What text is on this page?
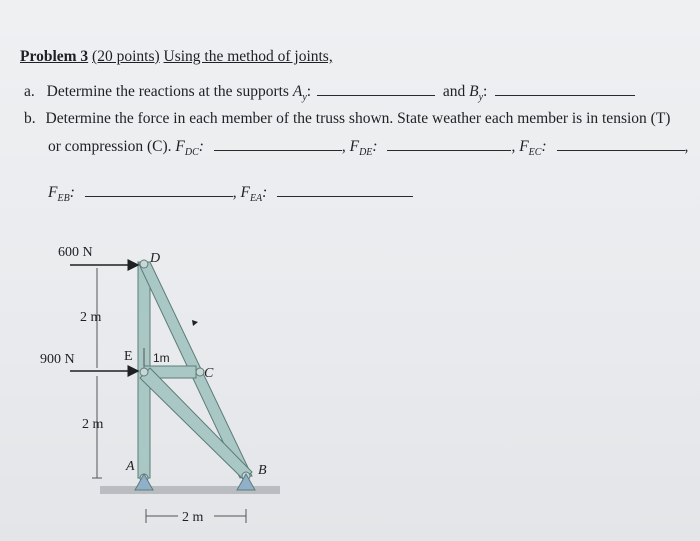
Problem 3 (20 points) Using the method of joints,
a. Determine the reactions at the supports $A_y$:	and $B_y$:
b. Determine the force in each member of the truss shown. State weather each member is in tension (T)
or compression (C). $F_{DC}$:	, $F_{DE}$:	, $F_{EC}$:	,
$F_{EB}$:	, $F_{EA}$:
600 N
900 N
2 m
2 m
1m
2 m
D
E
C
A	B
